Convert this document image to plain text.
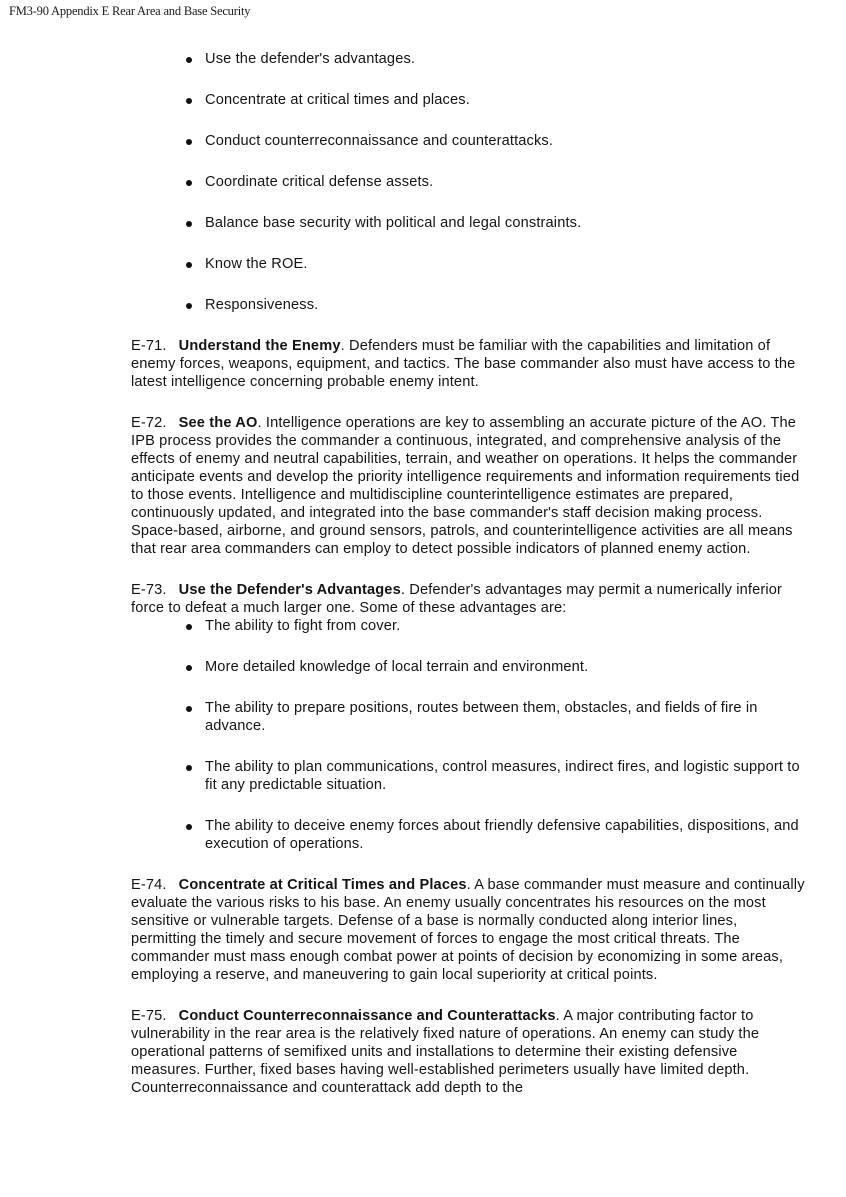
FM3-90 Appendix E Rear Area and Base Security
Use the defender's advantages.
Concentrate at critical times and places.
Conduct counterreconnaissance and counterattacks.
Coordinate critical defense assets.
Balance base security with political and legal constraints.
Know the ROE.
Responsiveness.

E-71. Understand the Enemy. Defenders must be familiar with the capabilities and limitation of enemy forces, weapons, equipment, and tactics. The base commander also must have access to the latest intelligence concerning probable enemy intent.

E-72. See the AO. Intelligence operations are key to assembling an accurate picture of the AO. The IPB process provides the commander a continuous, integrated, and comprehensive analysis of the effects of enemy and neutral capabilities, terrain, and weather on operations. It helps the commander anticipate events and develop the priority intelligence requirements and information requirements tied to those events. Intelligence and multidiscipline counterintelligence estimates are prepared, continuously updated, and integrated into the base commander's staff decision making process. Space-based, airborne, and ground sensors, patrols, and counterintelligence activities are all means that rear area commanders can employ to detect possible indicators of planned enemy action.

E-73. Use the Defender's Advantages. Defender's advantages may permit a numerically inferior force to defeat a much larger one. Some of these advantages are:

The ability to fight from cover.
More detailed knowledge of local terrain and environment.
The ability to prepare positions, routes between them, obstacles, and fields of fire in advance.
The ability to plan communications, control measures, indirect fires, and logistic support to fit any predictable situation.
The ability to deceive enemy forces about friendly defensive capabilities, dispositions, and execution of operations.

E-74. Concentrate at Critical Times and Places. A base commander must measure and continually evaluate the various risks to his base. An enemy usually concentrates his resources on the most sensitive or vulnerable targets. Defense of a base is normally conducted along interior lines, permitting the timely and secure movement of forces to engage the most critical threats. The commander must mass enough combat power at points of decision by economizing in some areas, employing a reserve, and maneuvering to gain local superiority at critical points.

E-75. Conduct Counterreconnaissance and Counterattacks. A major contributing factor to vulnerability in the rear area is the relatively fixed nature of operations. An enemy can study the operational patterns of semifixed units and installations to determine their existing defensive measures. Further, fixed bases having well-established perimeters usually have limited depth. Counterreconnaissance and counterattack add depth to the
